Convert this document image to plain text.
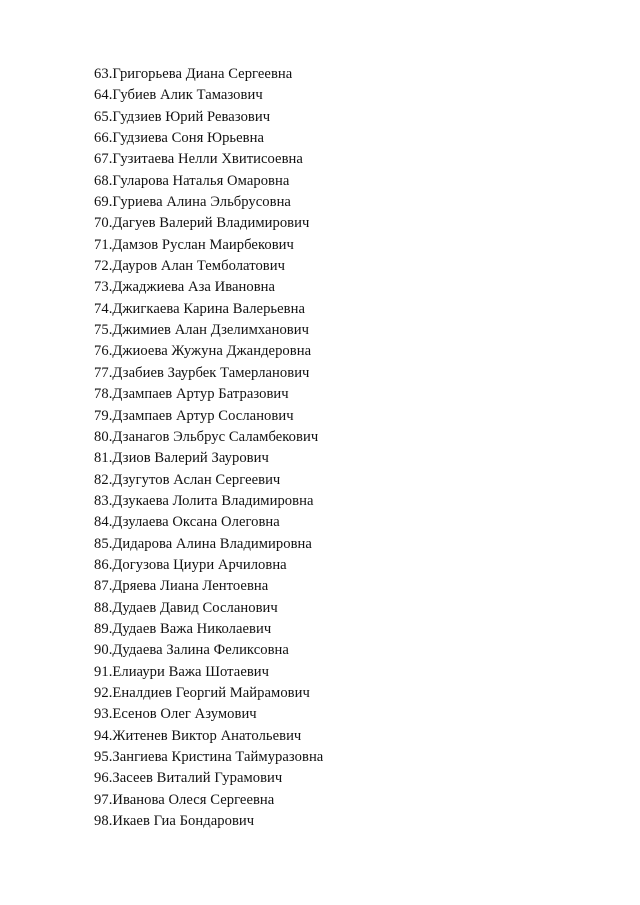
63.Григорьева Диана Сергеевна
64.Губиев Алик Тамазович
65.Гудзиев Юрий Ревазович
66.Гудзиева Соня Юрьевна
67.Гузитаева Нелли Хвитисоевна
68.Гуларова Наталья Омаровна
69.Гуриева Алина Эльбрусовна
70.Дагуев Валерий Владимирович
71.Дамзов Руслан Маирбекович
72.Дауров Алан Темболатович
73.Джаджиева Аза Ивановна
74.Джигкаева Карина Валерьевна
75.Джимиев Алан Дзелимханович
76.Джиоева Жужуна Джандеровна
77.Дзабиев Заурбек Тамерланович
78.Дзампаев Артур Батразович
79.Дзампаев Артур Сосланович
80.Дзанагов Эльбрус Саламбекович
81.Дзиов Валерий Заурович
82.Дзугутов Аслан Сергеевич
83.Дзукаева Лолита Владимировна
84.Дзулаева Оксана Олеговна
85.Дидарова Алина Владимировна
86.Догузова Циури Арчиловна
87.Дряева Лиана Лентоевна
88.Дудаев Давид Сосланович
89.Дудаев Важа Николаевич
90.Дудаева Залина Феликсовна
91.Елиаури Важа Шотаевич
92.Еналдиев Георгий Майрамович
93.Есенов Олег Азумович
94.Житенев Виктор Анатольевич
95.Зангиева Кристина Таймуразовна
96.Засеев Виталий Гурамович
97.Иванова Олеся Сергеевна
98.Икаев Гиа Бондарович
